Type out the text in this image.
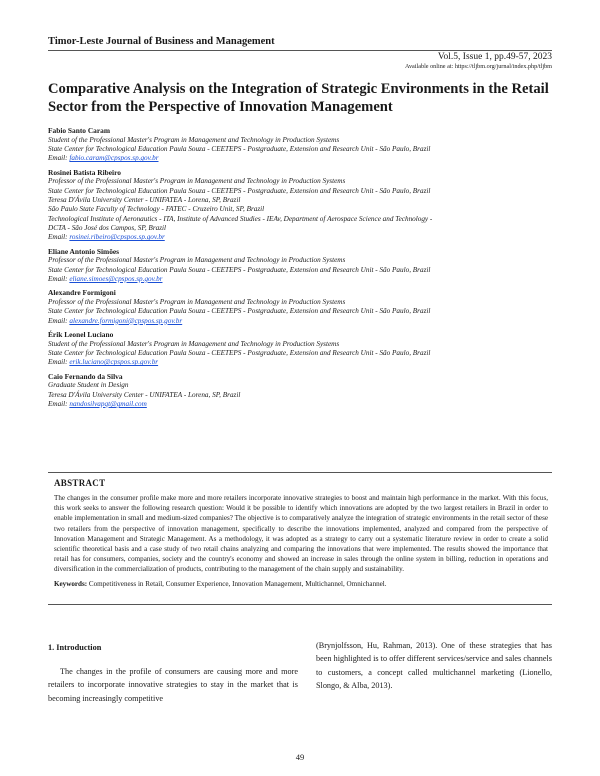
Timor-Leste Journal of Business and Management
Vol.5, Issue 1, pp.49-57, 2023
Available online at: https://tljbm.org/jurnal/index.php/tljbm
Comparative Analysis on the Integration of Strategic Environments in the Retail Sector from the Perspective of Innovation Management
Fabio Santo Caram
Student of the Professional Master's Program in Management and Technology in Production Systems
State Center for Technological Education Paula Souza - CEETEPS - Postgraduate, Extension and Research Unit - São Paulo, Brazil
Email: fabio.caram@cpspos.sp.gov.br
Rosinei Batista Ribeiro
Professor of the Professional Master's Program in Management and Technology in Production Systems
State Center for Technological Education Paula Souza - CEETEPS - Postgraduate, Extension and Research Unit - São Paulo, Brazil
Teresa D'Ávila University Center - UNIFATEA - Lorena, SP, Brazil
São Paulo State Faculty of Technology - FATEC - Cruzeiro Unit, SP, Brazil
Technological Institute of Aeronautics - ITA, Institute of Advanced Studies - IEAv, Department of Aerospace Science and Technology -
DCTA - São José dos Campos, SP, Brazil
Email: rosinei.ribeiro@cpspos.sp.gov.br
Eliane Antonio Simões
Professor of the Professional Master's Program in Management and Technology in Production Systems
State Center for Technological Education Paula Souza - CEETEPS - Postgraduate, Extension and Research Unit - São Paulo, Brazil
Email: eliane.simoes@cpspos.sp.gov.br
Alexandre Formigoni
Professor of the Professional Master's Program in Management and Technology in Production Systems
State Center for Technological Education Paula Souza - CEETEPS - Postgraduate, Extension and Research Unit - São Paulo, Brazil
Email: alexandre.formigoni@cpspos.sp.gov.br
Érik Leonel Luciano
Student of the Professional Master's Program in Management and Technology in Production Systems
State Center for Technological Education Paula Souza - CEETEPS - Postgraduate, Extension and Research Unit - São Paulo, Brazil
Email: erik.luciano@cpspos.sp.gov.br
Caio Fernando da Silva
Graduate Student in Design
Teresa D'Ávila University Center - UNIFATEA - Lorena, SP, Brazil
Email: nandosilvapqt@gmail.com
ABSTRACT

The changes in the consumer profile make more and more retailers incorporate innovative strategies to boost and maintain high performance in the market. With this focus, this work seeks to answer the following research question: Would it be possible to identify which innovations are adopted by the two largest retailers in Brazil in order to enable implementation in small and medium-sized companies? The objective is to comparatively analyze the integration of strategic environments in the retail sector of these two retailers from the perspective of innovation management, specifically to describe the innovations implemented, analyzed and compared from the perspective of Innovation Management and Strategic Management. As a methodology, it was adopted as a strategy to carry out a systematic literature review in order to create a solid scientific theoretical basis and a case study of two retail chains analyzing and comparing the innovations that were implemented. The results showed the importance that retail has for consumers, companies, society and the country's economy and showed an increase in sales through the online system in billing, reduction in operations and diversification in the commercialization of products, contributing to the management of the chain supply and sustainability.

Keywords: Competitiveness in Retail, Consumer Experience, Innovation Management, Multichannel, Omnichannel.

1. Introduction

The changes in the profile of consumers are causing more and more retailers to incorporate innovative strategies to stay in the market that is becoming increasingly competitive

(Brynjolfsson, Hu, Rahman, 2013). One of these strategies that has been highlighted is to offer different services/service and sales channels to customers, a concept called multichannel marketing (Lionello, Slongo, & Alba, 2013).

49
